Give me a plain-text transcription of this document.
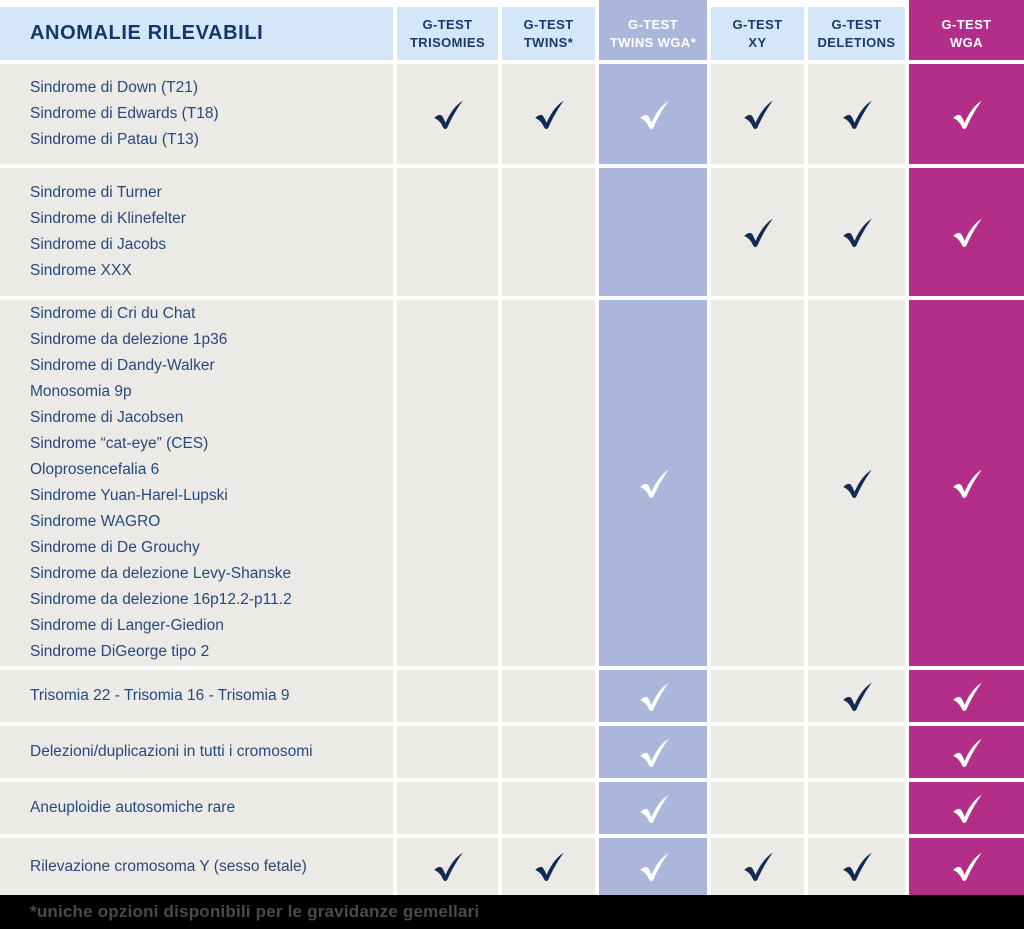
ANOMALIE RILEVABILI	G-TEST
TRISOMIES
G-TEST
TWINS*
G-TEST
TWINS WGA*
G-TEST
XY
G-TEST
DELETIONS
G-TEST
WGA
Sindrome di Down (T21)
Sindrome di Edwards (T18)
Sindrome di Patau (T13)
Sindrome di Turner
Sindrome di Klinefelter
Sindrome di Jacobs
Sindrome XXX
Sindrome di Cri du Chat
Sindrome da delezione 1p36
Sindrome di Dandy-Walker
Monosomia 9p
Sindrome di Jacobsen
Sindrome “cat-eye” (CES)
Oloprosencefalia 6
Sindrome Yuan-Harel-Lupski
Sindrome WAGRO
Sindrome di De Grouchy
Sindrome da delezione Levy-Shanske
Sindrome da delezione 16p12.2-p11.2
Sindrome di Langer-Giedion
Sindrome DiGeorge tipo 2
Trisomia 22 - Trisomia 16 - Trisomia 9
Delezioni/duplicazioni in tutti i cromosomi
Aneuploidie autosomiche rare
Rilevazione cromosoma Y (sesso fetale)
*uniche opzioni disponibili per le gravidanze gemellari
